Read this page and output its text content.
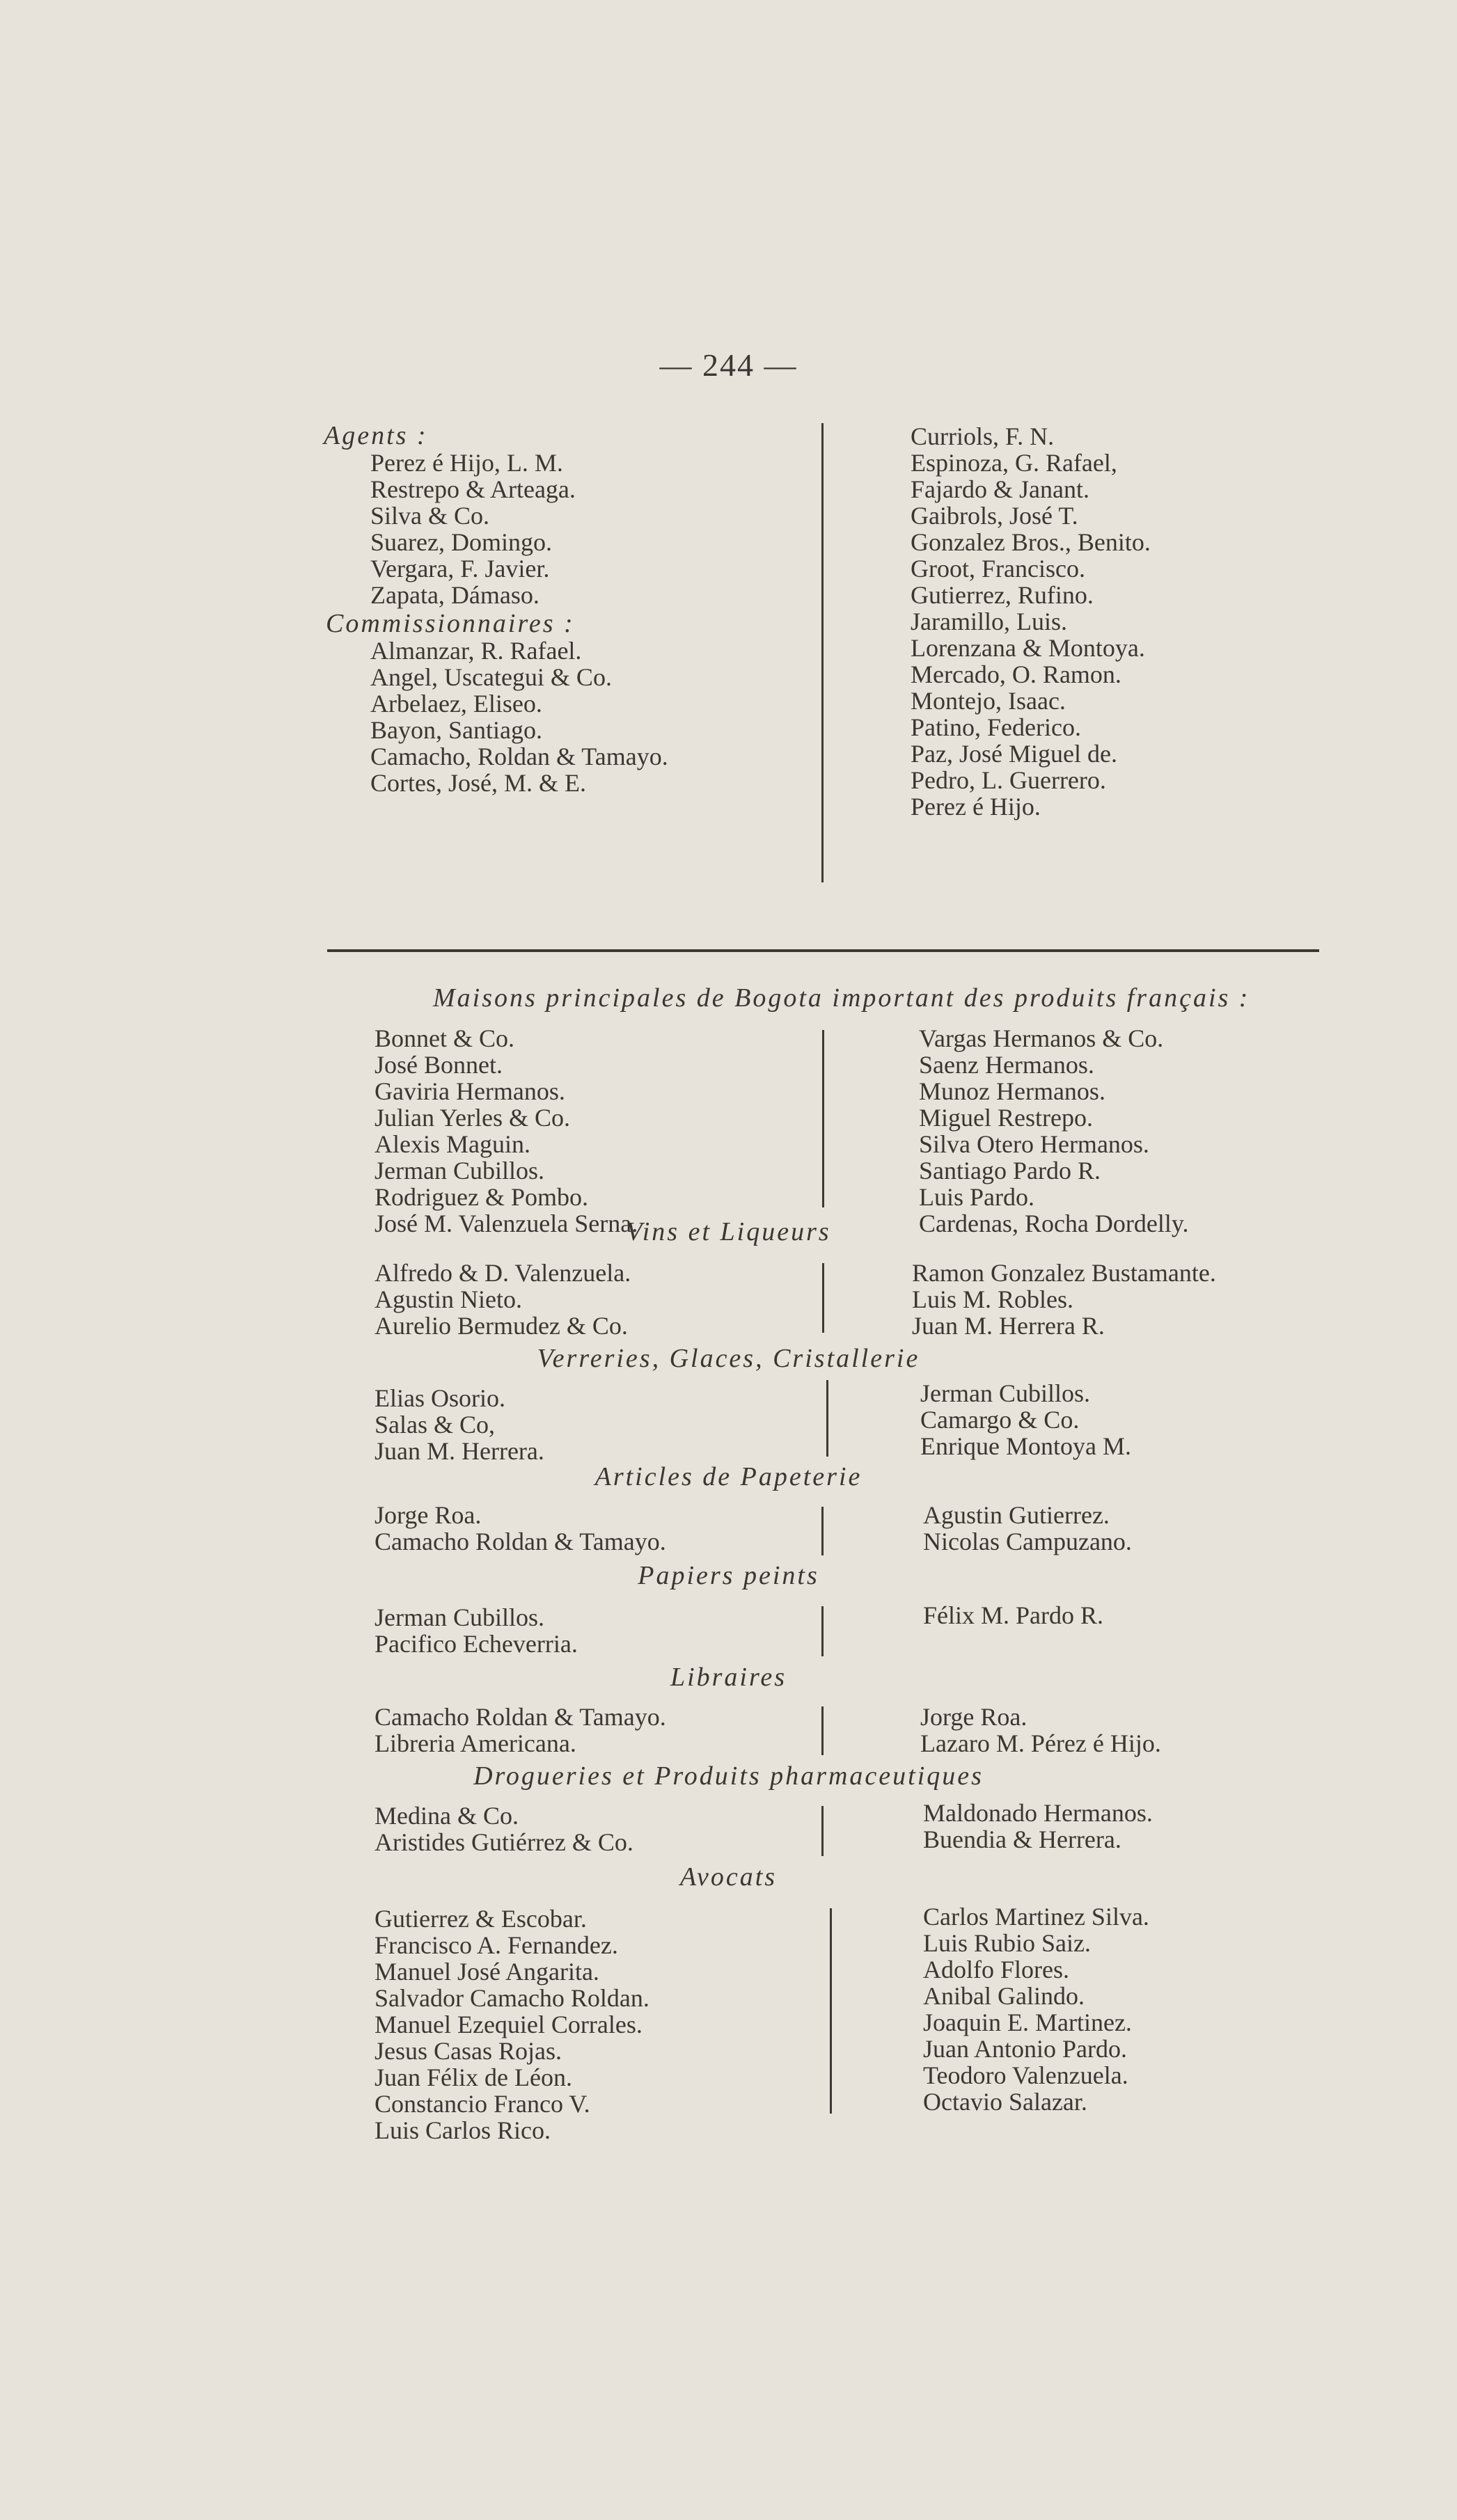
— 244 —
Agents :
Perez é Hijo, L. M.
Restrepo & Arteaga.
Silva & Co.
Suarez, Domingo.
Vergara, F. Javier.
Zapata, Dámaso.
Commissionnaires :
Almanzar, R. Rafael.
Angel, Uscategui & Co.
Arbelaez, Eliseo.
Bayon, Santiago.
Camacho, Roldan & Tamayo.
Cortes, José, M. & E.
Curriols, F. N.
Espinoza, G. Rafael,
Fajardo & Janant.
Gaibrols, José T.
Gonzalez Bros., Benito.
Groot, Francisco.
Gutierrez, Rufino.
Jaramillo, Luis.
Lorenzana & Montoya.
Mercado, O. Ramon.
Montejo, Isaac.
Patino, Federico.
Paz, José Miguel de.
Pedro, L. Guerrero.
Perez é Hijo.
Maisons principales de Bogota important des produits français :
Bonnet & Co.
José Bonnet.
Gaviria Hermanos.
Julian Yerles & Co.
Alexis Maguin.
Jerman Cubillos.
Rodriguez & Pombo.
José M. Valenzuela Serna.
Vargas Hermanos & Co.
Saenz Hermanos.
Munoz Hermanos.
Miguel Restrepo.
Silva Otero Hermanos.
Santiago Pardo R.
Luis Pardo.
Cardenas, Rocha Dordelly.
Vins et Liqueurs
Alfredo & D. Valenzuela.
Agustin Nieto.
Aurelio Bermudez & Co.
Ramon Gonzalez Bustamante.
Luis M. Robles.
Juan M. Herrera R.
Verreries, Glaces, Cristallerie
Elias Osorio.
Salas & Co,
Juan M. Herrera.
Jerman Cubillos.
Camargo & Co.
Enrique Montoya M.
Articles de Papeterie
Jorge Roa.
Camacho Roldan & Tamayo.
Agustin Gutierrez.
Nicolas Campuzano.
Papiers peints
Jerman Cubillos.
Pacifico Echeverria.
Félix M. Pardo R.
Libraires
Camacho Roldan & Tamayo.
Libreria Americana.
Jorge Roa.
Lazaro M. Pérez é Hijo.
Drogueries et Produits pharmaceutiques
Medina & Co.
Aristides Gutiérrez & Co.
Maldonado Hermanos.
Buendia & Herrera.
Avocats
Gutierrez & Escobar.
Francisco A. Fernandez.
Manuel José Angarita.
Salvador Camacho Roldan.
Manuel Ezequiel Corrales.
Jesus Casas Rojas.
Juan Félix de Léon.
Constancio Franco V.
Luis Carlos Rico.
Carlos Martinez Silva.
Luis Rubio Saiz.
Adolfo Flores.
Anibal Galindo.
Joaquin E. Martinez.
Juan Antonio Pardo.
Teodoro Valenzuela.
Octavio Salazar.
